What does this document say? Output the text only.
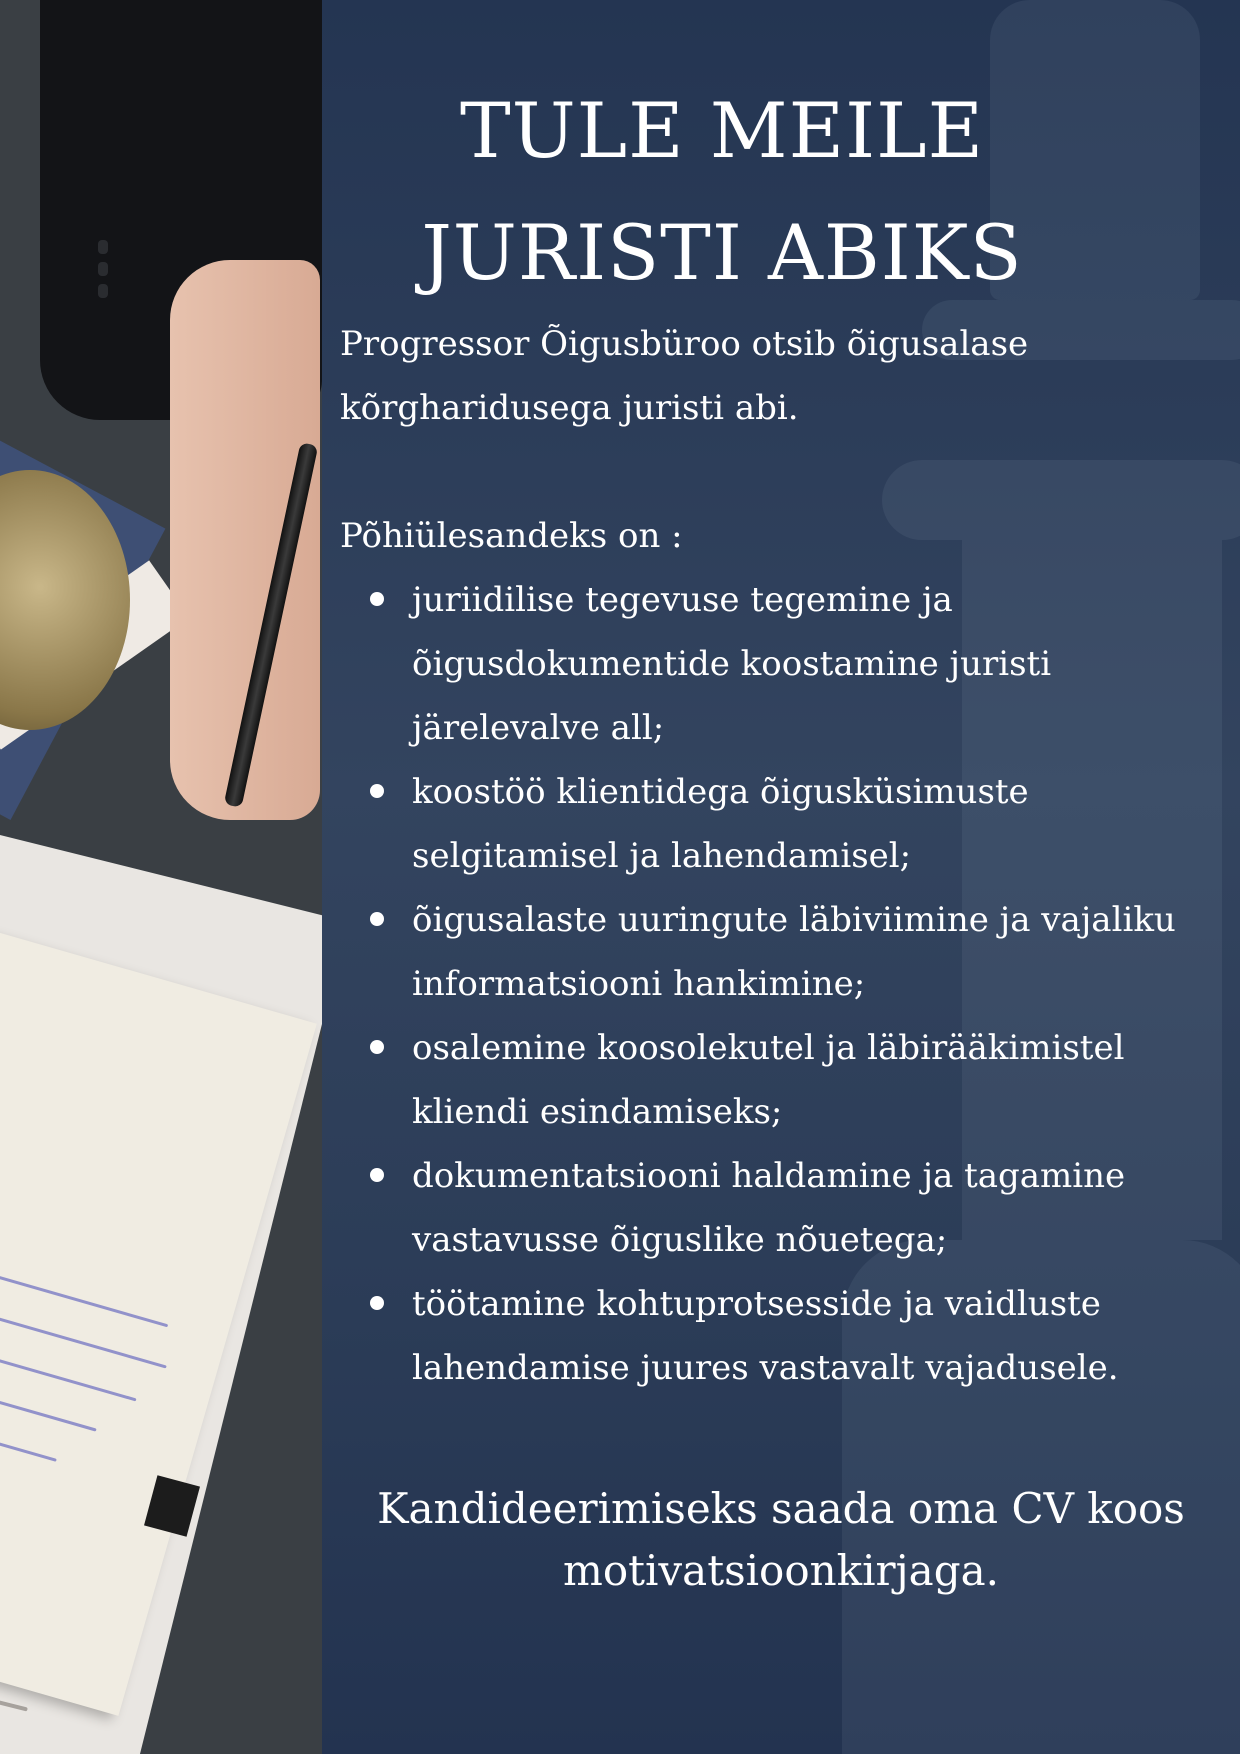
TULE MEILE
JURISTI ABIKS
Progressor Õigusbüroo otsib õigusalase kõrgharidusega juristi abi.
Põhiülesandeks on :
juriidilise tegevuse tegemine ja õigusdokumentide koostamine juristi järelevalve all;
koostöö klientidega õigusküsimuste selgitamisel ja lahendamisel;
õigusalaste uuringute läbiviimine ja vajaliku informatsiooni hankimine;
osalemine koosolekutel ja läbirääkimistel kliendi esindamiseks;
dokumentatsiooni haldamine ja tagamine vastavusse õiguslike nõuetega;
töötamine kohtuprotsesside ja vaidluste lahendamise juures vastavalt vajadusele.
Kandideerimiseks saada oma CV koos motivatsioonkirjaga.
